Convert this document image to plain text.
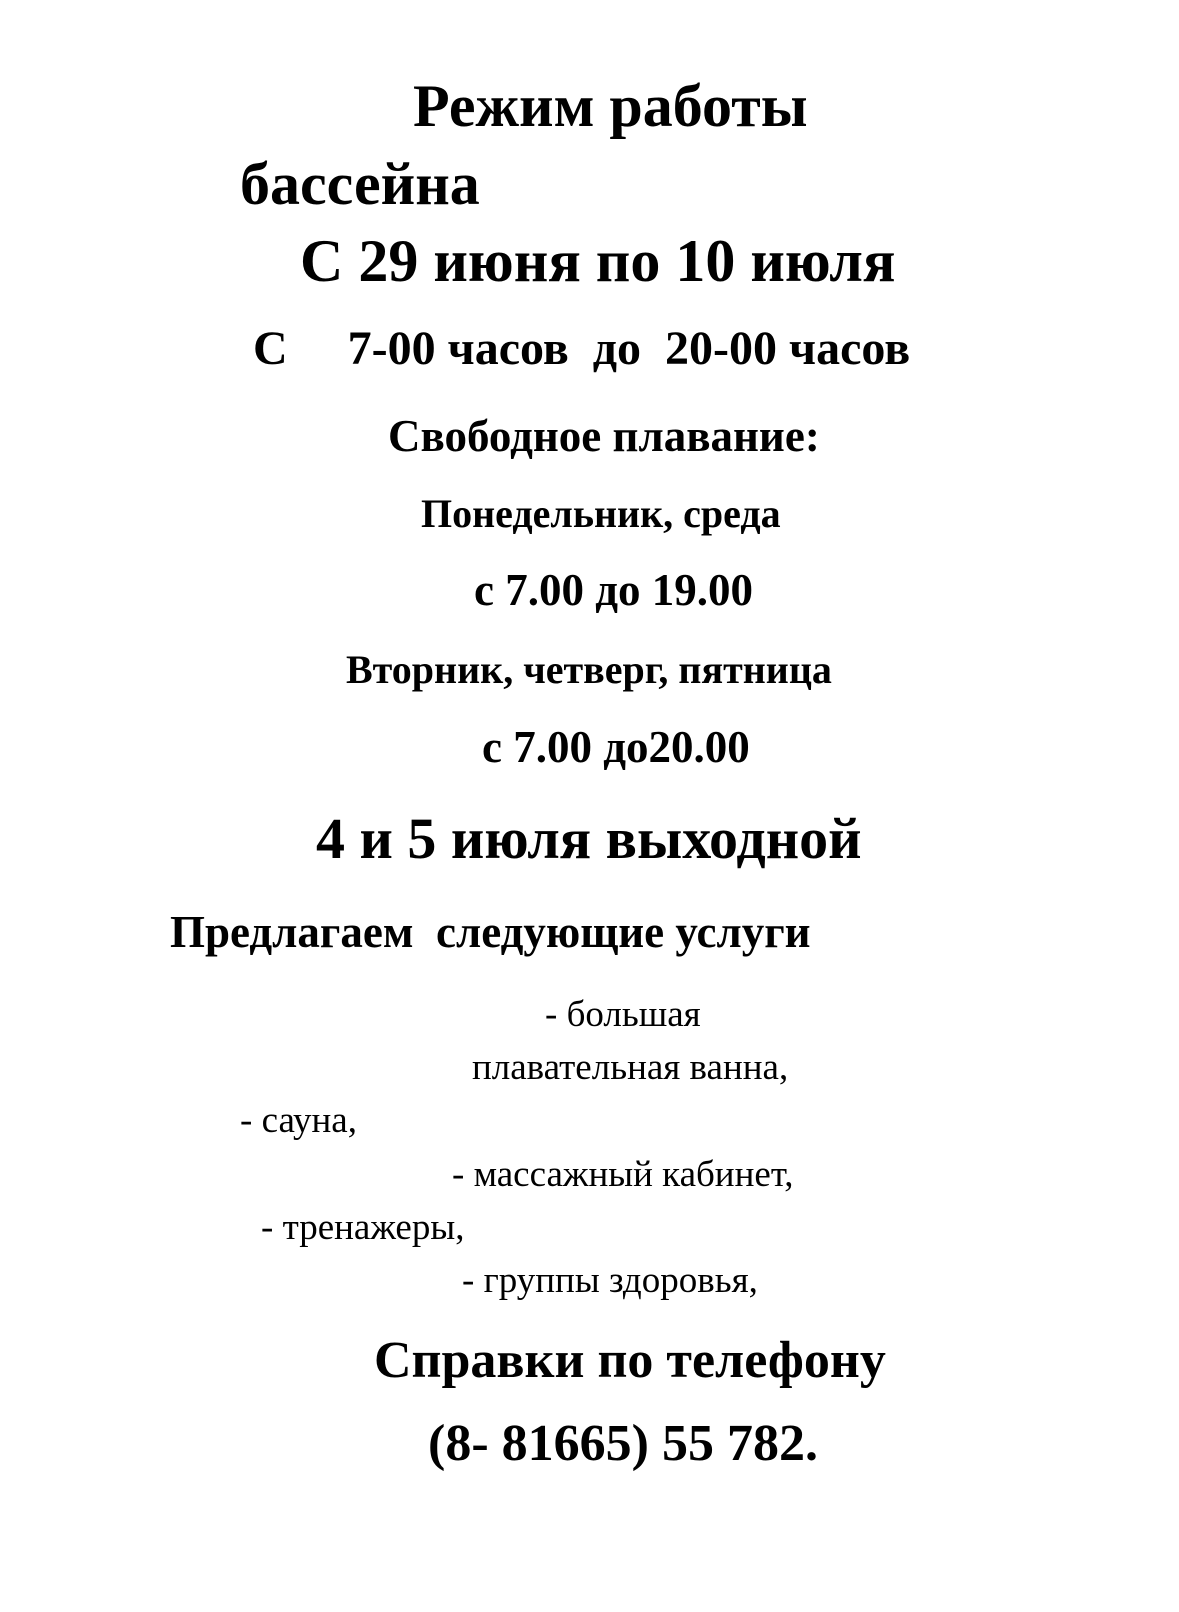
Режим работы
бассейна
С 29 июня по 10 июля
С     7-00 часов  до  20-00 часов
Свободное плавание:
Понедельник, среда
с 7.00 до 19.00
Вторник, четверг, пятница
с 7.00 до20.00
4 и 5 июля выходной
Предлагаем  следующие услуги
- большая
плавательная ванна,
- сауна,
- массажный кабинет,
- тренажеры,
- группы здоровья,
Справки по телефону
(8- 81665) 55 782.
